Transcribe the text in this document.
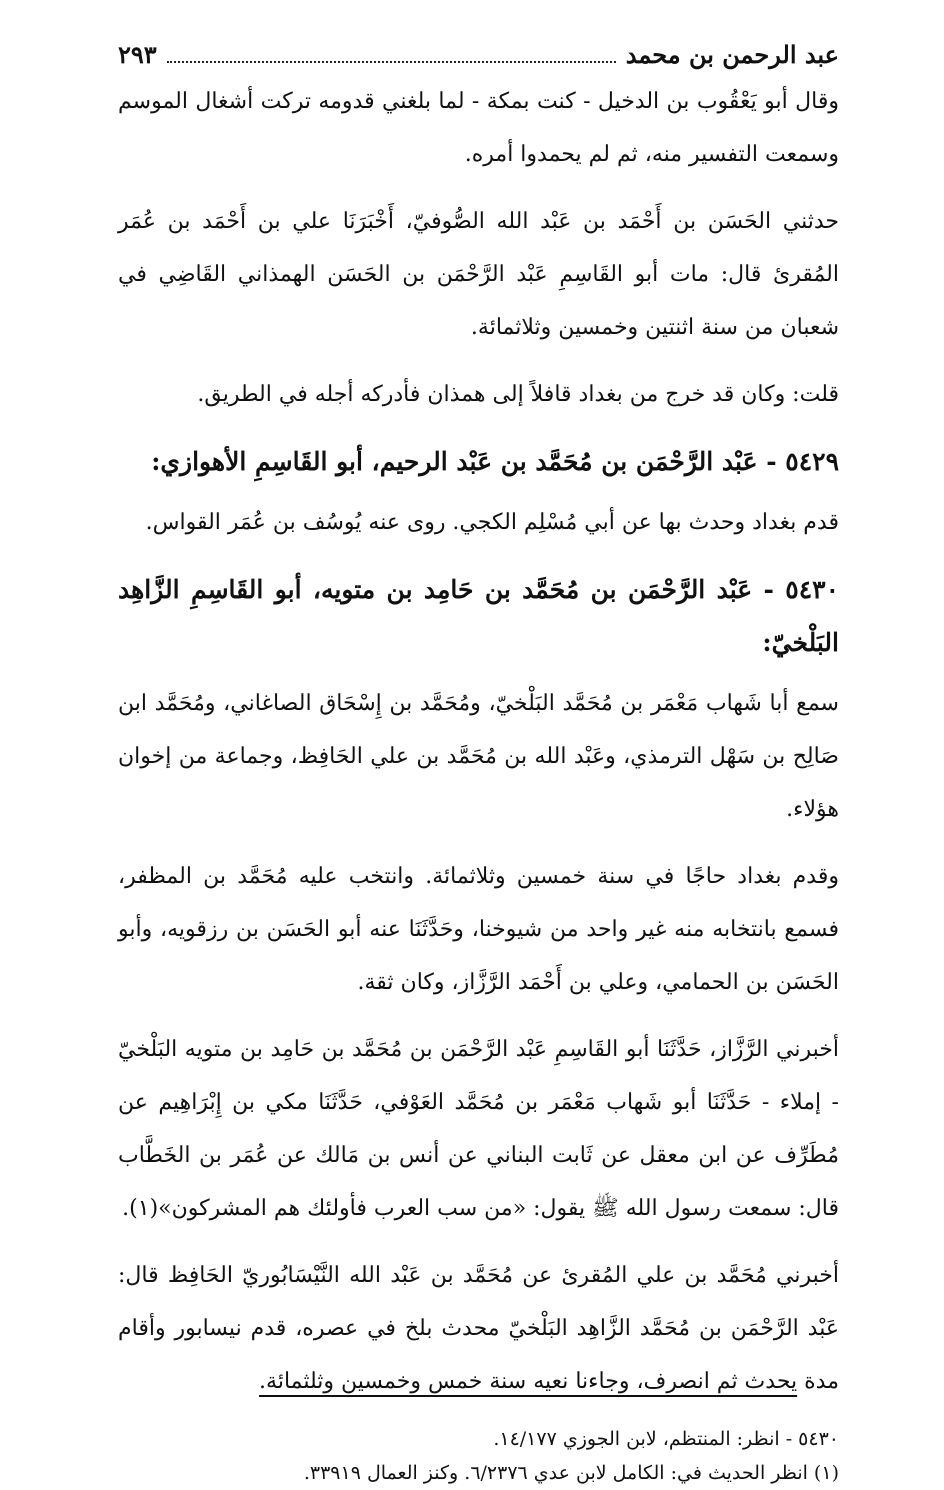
عبد الرحمن بن محمد
٢٩٣

وقال أبو يَعْقُوب بن الدخيل - كنت بمكة - لما بلغني قدومه تركت أشغال الموسم وسمعت التفسير منه، ثم لم يحمدوا أمره.

حدثني الحَسَن بن أَحْمَد بن عَبْد الله الصُّوفيّ، أَخْبَرَنَا علي بن أَحْمَد بن عُمَر المُقرئ قال: مات أبو القَاسِمِ عَبْد الرَّحْمَن بن الحَسَن الهمذاني القَاضِي في شعبان من سنة اثنتين وخمسين وثلاثمائة.

قلت: وكان قد خرج من بغداد قافلاً إلى همذان فأدركه أجله في الطريق.

٥٤٢٩ - عَبْد الرَّحْمَن بن مُحَمَّد بن عَبْد الرحيم، أبو القَاسِمِ الأهوازي:

قدم بغداد وحدث بها عن أبي مُسْلِم الكجي. روى عنه يُوسُف بن عُمَر القواس.

٥٤٣٠ - عَبْد الرَّحْمَن بن مُحَمَّد بن حَامِد بن متويه، أبو القَاسِمِ الزَّاهِد البَلْخيّ:

سمع أبا شَهاب مَعْمَر بن مُحَمَّد البَلْخيّ، ومُحَمَّد بن إِسْحَاق الصاغاني، ومُحَمَّد ابن صَالِح بن سَهْل الترمذي، وعَبْد الله بن مُحَمَّد بن علي الحَافِظ، وجماعة من إخوان هؤلاء.

وقدم بغداد حاجًا في سنة خمسين وثلاثمائة. وانتخب عليه مُحَمَّد بن المظفر، فسمع بانتخابه منه غير واحد من شيوخنا، وحَدَّثَنَا عنه أبو الحَسَن بن رزقويه، وأبو الحَسَن بن الحمامي، وعلي بن أَحْمَد الرَّزَّاز، وكان ثقة.

أخبرني الرَّزَّاز، حَدَّثَنَا أبو القَاسِمِ عَبْد الرَّحْمَن بن مُحَمَّد بن حَامِد بن متويه البَلْخيّ - إملاء - حَدَّثَنَا أبو شَهاب مَعْمَر بن مُحَمَّد العَوْفي، حَدَّثَنَا مكي بن إِبْرَاهِيم عن مُطَرِّف عن ابن معقل عن ثَابت البناني عن أنس بن مَالك عن عُمَر بن الخَطَّاب قال: سمعت رسول الله ﷺ يقول: «من سب العرب فأولئك هم المشركون»(١).

أخبرني مُحَمَّد بن علي المُقرئ عن مُحَمَّد بن عَبْد الله النَّيْسَابُوريّ الحَافِظ قال: عَبْد الرَّحْمَن بن مُحَمَّد الزَّاهِد البَلْخيّ محدث بلخ في عصره، قدم نيسابور وأقام مدة يحدث ثم انصرف، وجاءنا نعيه سنة خمس وخمسين وثلثمائة.

٥٤٣٠ - انظر: المنتظم، لابن الجوزي ١٤/١٧٧.

(١) انظر الحديث في: الكامل لابن عدي ٦/٢٣٧٦. وكنز العمال ٣٣٩١٩.
